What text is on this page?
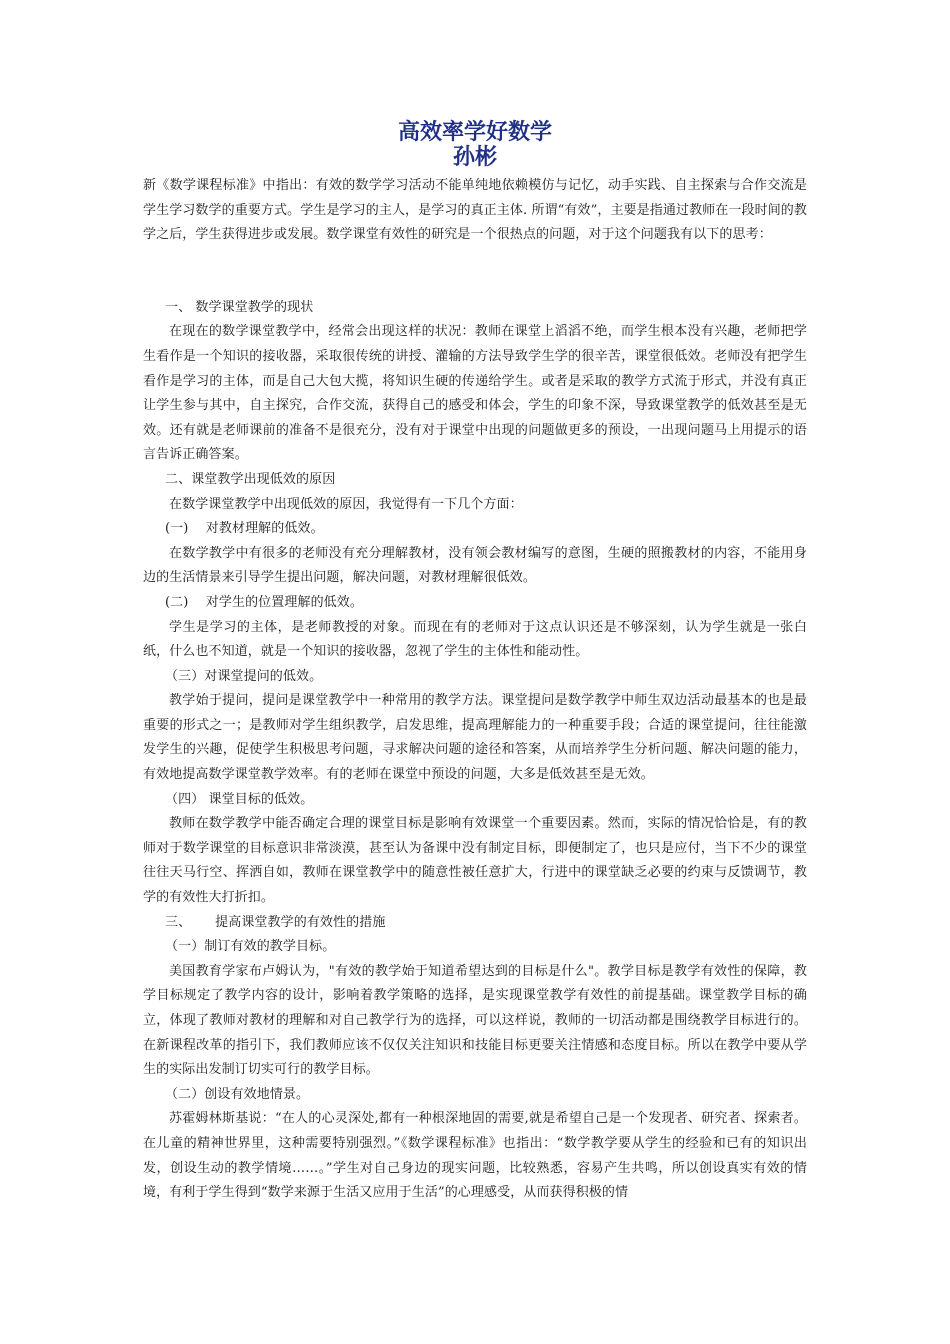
高效率学好数学
孙彬

新《数学课程标准》中指出：有效的数学学习活动不能单纯地依赖模仿与记忆，动手实践、自主探索与合作交流是学生学习数学的重要方式。学生是学习的主人，是学习的真正主体. 所谓“有效”，主要是指通过教师在一段时间的教学之后，学生获得进步或发展。数学课堂有效性的研究是一个很热点的问题，对于这个问题我有以下的思考：

一、 数学课堂教学的现状

在现在的数学课堂教学中，经常会出现这样的状况：教师在课堂上滔滔不绝，而学生根本没有兴趣，老师把学生看作是一个知识的接收器，采取很传统的讲授、灌输的方法导致学生学的很辛苦，课堂很低效。老师没有把学生看作是学习的主体，而是自己大包大揽，将知识生硬的传递给学生。或者是采取的教学方式流于形式，并没有真正让学生参与其中，自主探究，合作交流，获得自己的感受和体会，学生的印象不深，导致课堂教学的低效甚至是无效。还有就是老师课前的准备不是很充分，没有对于课堂中出现的问题做更多的预设，一出现问题马上用提示的语言告诉正确答案。

二、课堂教学出现低效的原因

在数学课堂教学中出现低效的原因，我觉得有一下几个方面：

(一)　 对教材理解的低效。

在数学教学中有很多的老师没有充分理解教材，没有领会教材编写的意图，生硬的照搬教材的内容，不能用身边的生活情景来引导学生提出问题，解决问题，对教材理解很低效。

(二)　 对学生的位置理解的低效。

学生是学习的主体，是老师教授的对象。而现在有的老师对于这点认识还是不够深刻，认为学生就是一张白纸，什么也不知道，就是一个知识的接收器，忽视了学生的主体性和能动性。

（三）对课堂提问的低效。

教学始于提问，提问是课堂教学中一种常用的教学方法。课堂提问是数学教学中师生双边活动最基本的也是最重要的形式之一；是教师对学生组织教学，启发思维，提高理解能力的一种重要手段；合适的课堂提问，往往能激发学生的兴趣，促使学生积极思考问题，寻求解决问题的途径和答案，从而培养学生分析问题、解决问题的能力，有效地提高数学课堂教学效率。有的老师在课堂中预设的问题，大多是低效甚至是无效。

（四） 课堂目标的低效。

教师在数学教学中能否确定合理的课堂目标是影响有效课堂一个重要因素。然而，实际的情况恰恰是，有的教师对于数学课堂的目标意识非常淡漠，甚至认为备课中没有制定目标，即便制定了，也只是应付，当下不少的课堂往往天马行空、挥洒自如，教师在课堂教学中的随意性被任意扩大，行进中的课堂缺乏必要的约束与反馈调节，教学的有效性大打折扣。

三、　　 提高课堂教学的有效性的措施

（一）制订有效的教学目标。

美国教育学家布卢姆认为，"有效的教学始于知道希望达到的目标是什么"。教学目标是教学有效性的保障，教学目标规定了教学内容的设计，影响着教学策略的选择，是实现课堂教学有效性的前提基础。课堂教学目标的确立，体现了教师对教材的理解和对自己教学行为的选择，可以这样说，教师的一切活动都是围绕教学目标进行的。在新课程改革的指引下，我们教师应该不仅仅关注知识和技能目标更要关注情感和态度目标。所以在教学中要从学生的实际出发制订切实可行的教学目标。

（二）创设有效地情景。

苏霍姆林斯基说：“在人的心灵深处,都有一种根深地固的需要,就是希望自己是一个发现者、研究者、探索者。在儿童的精神世界里，这种需要特别强烈。”《数学课程标准》也指出：“数学教学要从学生的经验和已有的知识出发，创设生动的教学情境……。”学生对自己身边的现实问题，比较熟悉，容易产生共鸣，所以创设真实有效的情境，有利于学生得到“数学来源于生活又应用于生活”的心理感受，从而获得积极的情
